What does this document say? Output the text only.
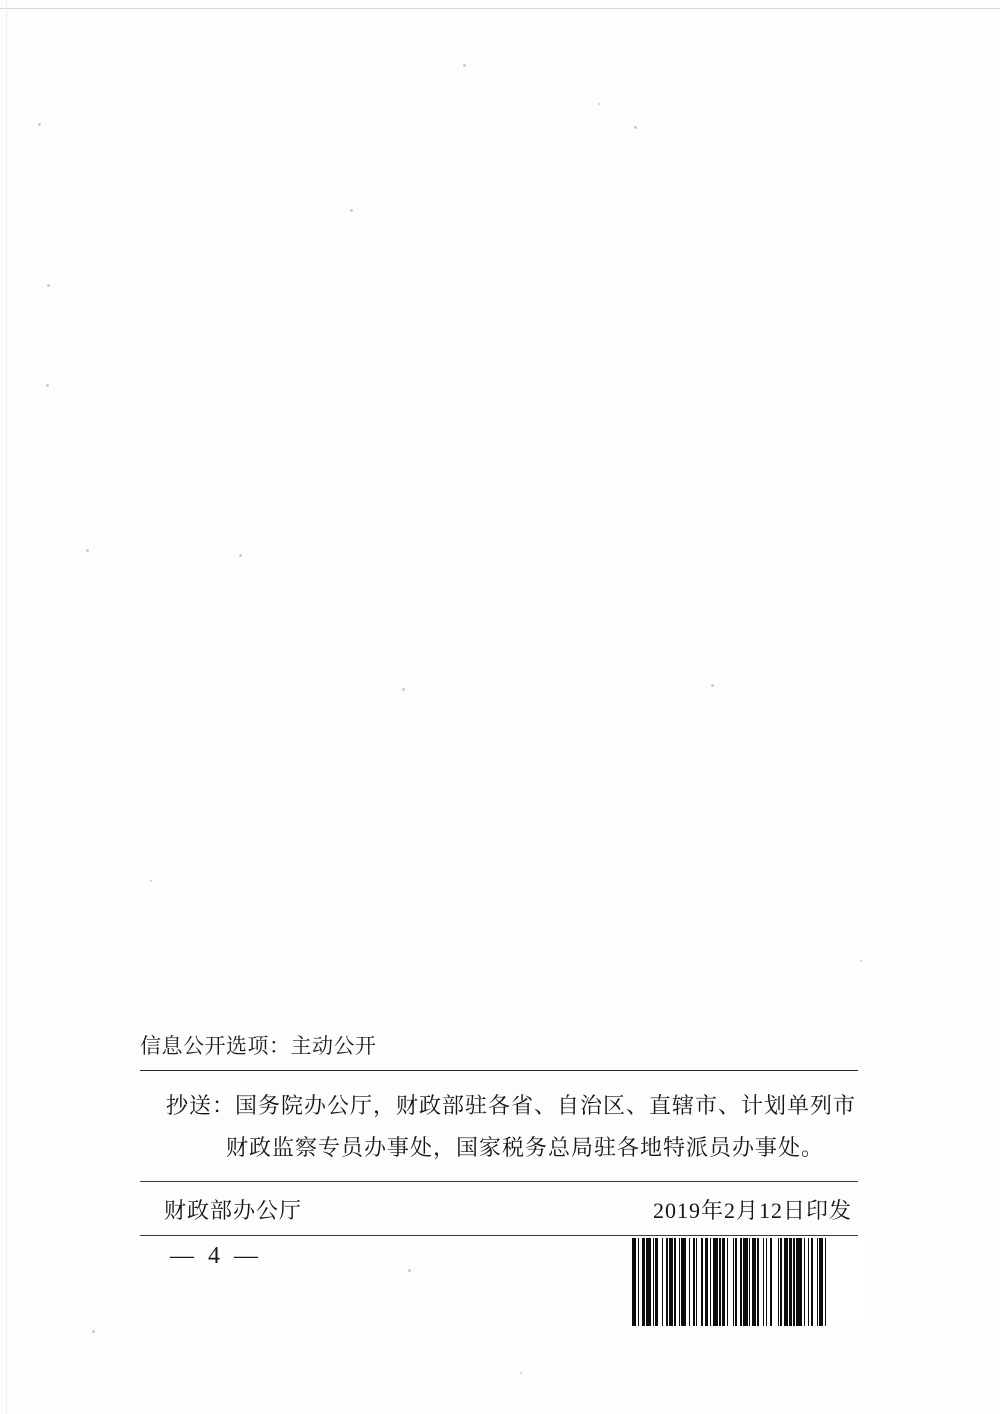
信息公开选项：主动公开
抄送：国务院办公厅，财政部驻各省、自治区、直辖市、计划单列市
财政监察专员办事处，国家税务总局驻各地特派员办事处。
财政部办公厅	2019年2月12日印发
— 4 —
